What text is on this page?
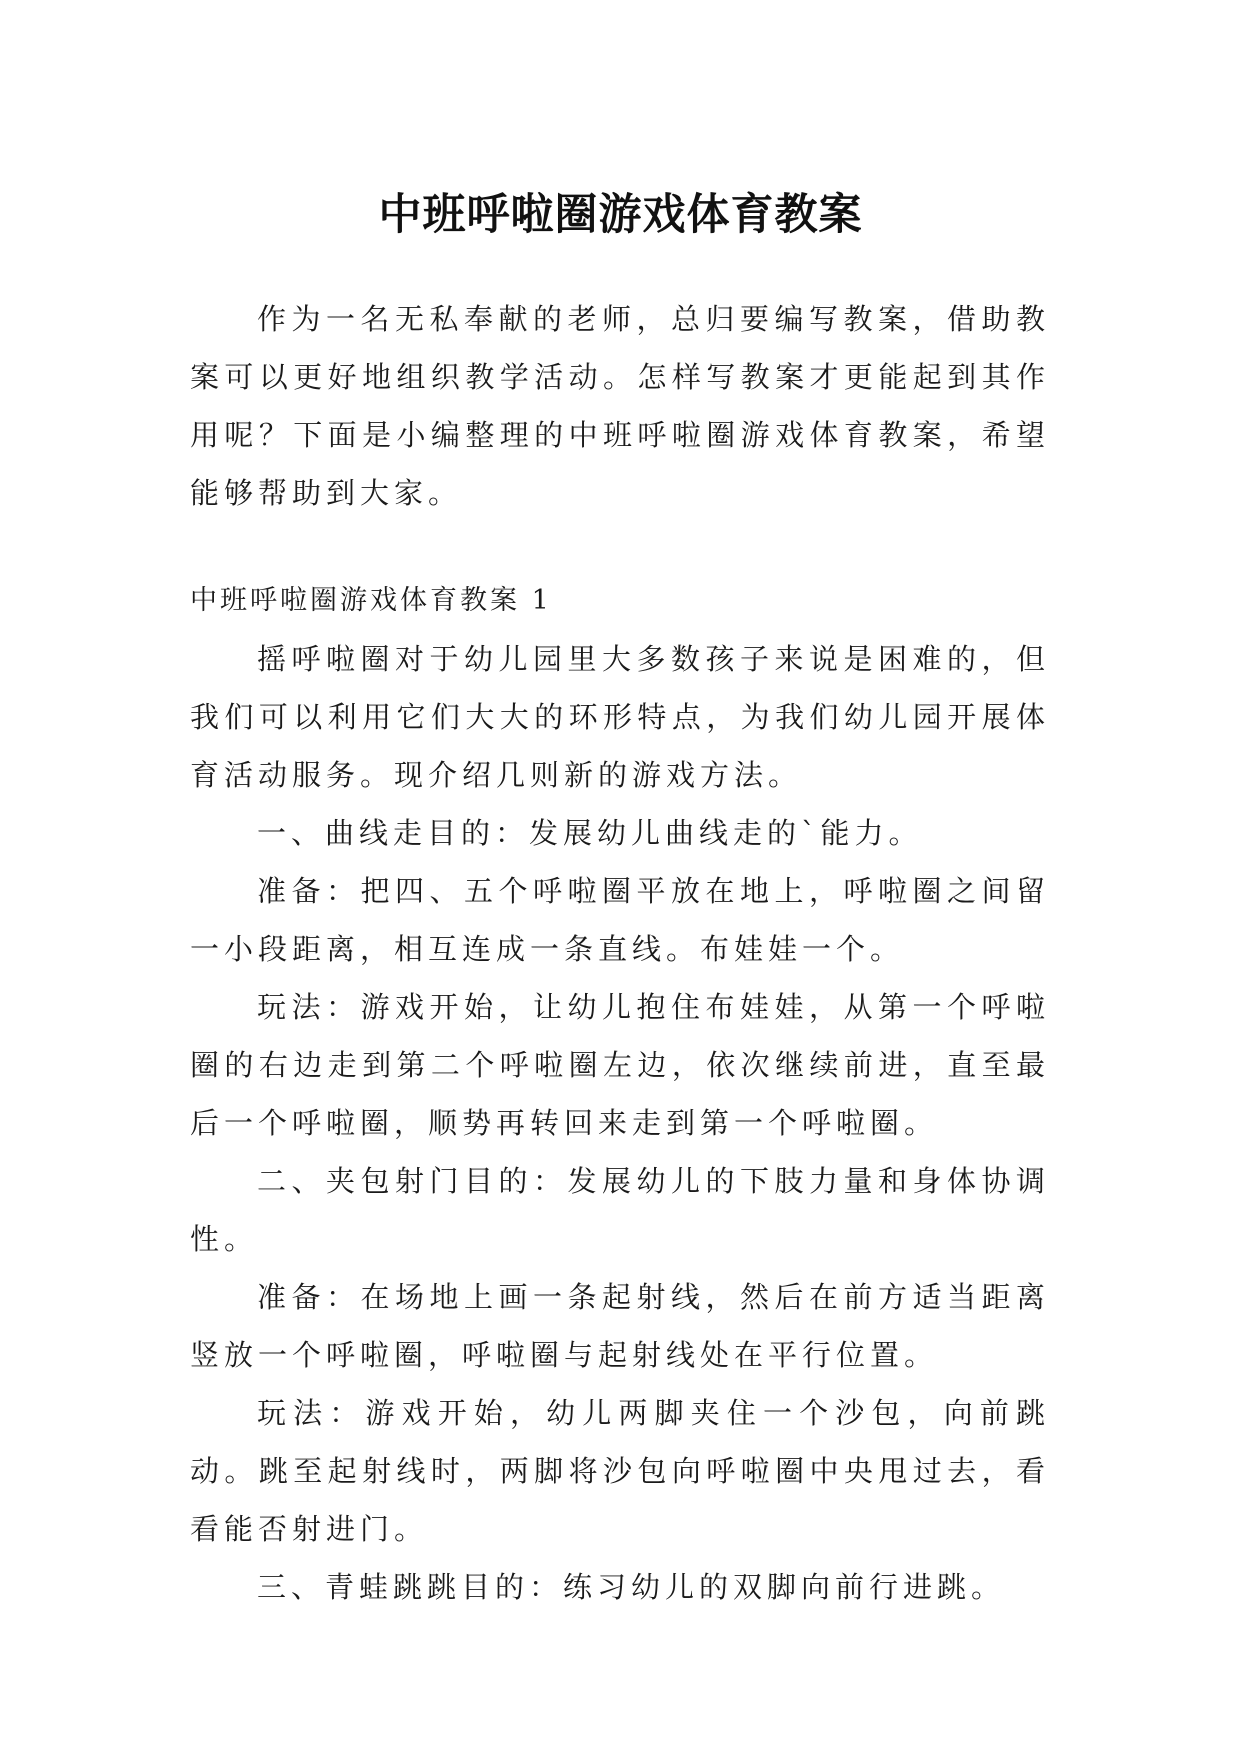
中班呼啦圈游戏体育教案

作为一名无私奉献的老师，总归要编写教案，借助教案可以更好地组织教学活动。怎样写教案才更能起到其作用呢？下面是小编整理的中班呼啦圈游戏体育教案，希望能够帮助到大家。

中班呼啦圈游戏体育教案 1

摇呼啦圈对于幼儿园里大多数孩子来说是困难的，但我们可以利用它们大大的环形特点，为我们幼儿园开展体育活动服务。现介绍几则新的游戏方法。

一、曲线走目的：发展幼儿曲线走的`能力。

准备：把四、五个呼啦圈平放在地上，呼啦圈之间留一小段距离，相互连成一条直线。布娃娃一个。

玩法：游戏开始，让幼儿抱住布娃娃，从第一个呼啦圈的右边走到第二个呼啦圈左边，依次继续前进，直至最后一个呼啦圈，顺势再转回来走到第一个呼啦圈。

二、夹包射门目的：发展幼儿的下肢力量和身体协调性。

准备：在场地上画一条起射线，然后在前方适当距离竖放一个呼啦圈，呼啦圈与起射线处在平行位置。

玩法：游戏开始，幼儿两脚夹住一个沙包，向前跳动。跳至起射线时，两脚将沙包向呼啦圈中央甩过去，看看能否射进门。

三、青蛙跳跳目的：练习幼儿的双脚向前行进跳。
